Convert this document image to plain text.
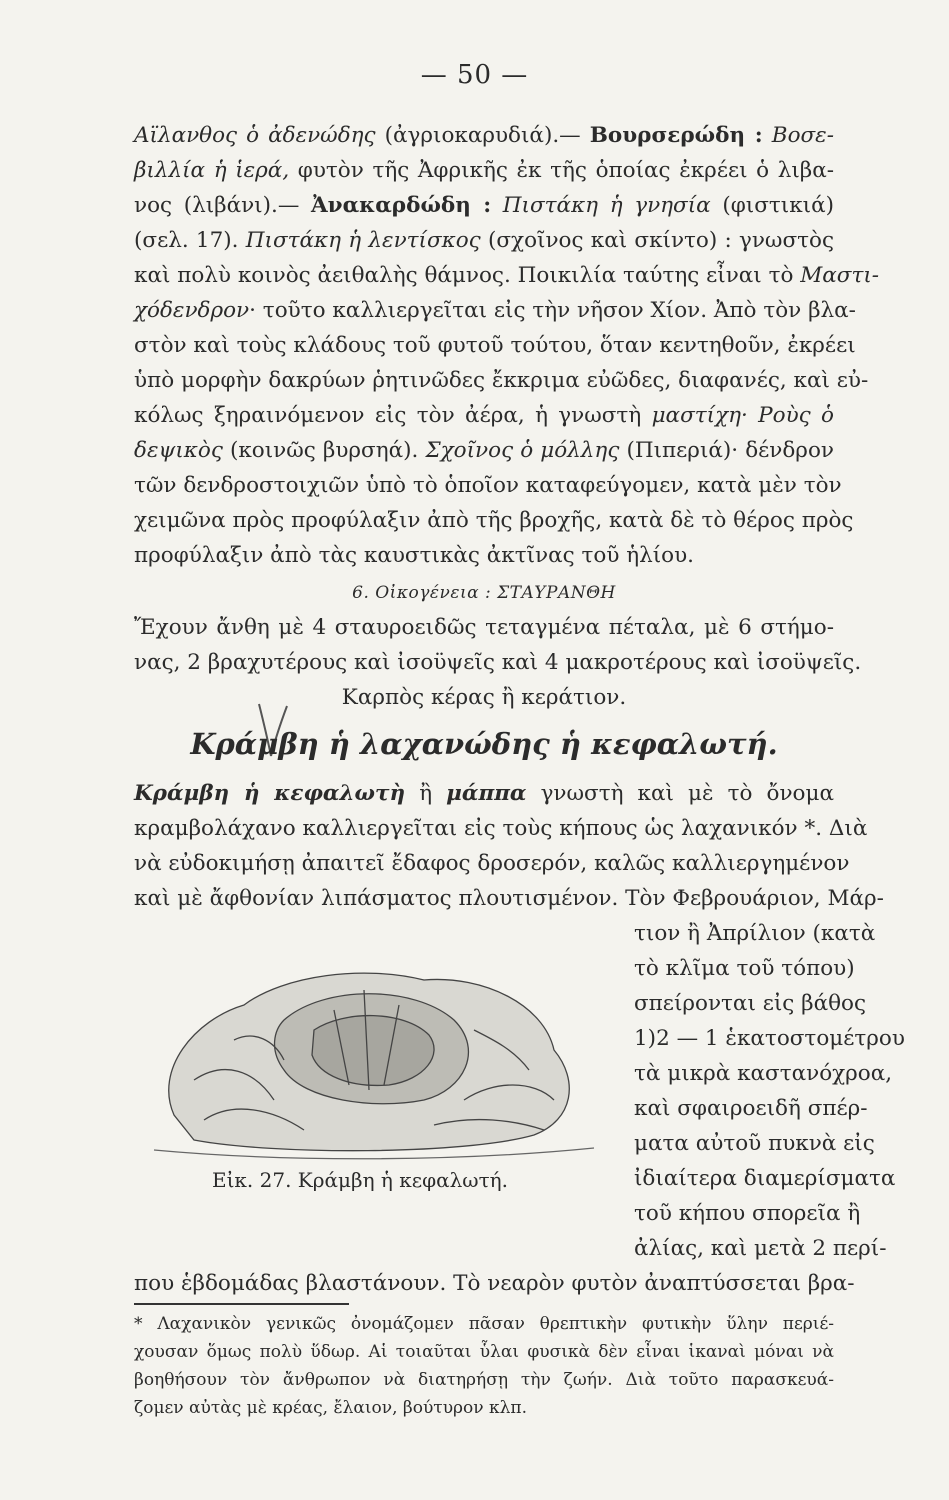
— 50 —
Αϊλανθος ὁ ἀδενώδης (ἀγριοκαρυδιά).— Βουρσερώδη : Βοσε-
βιλλία ἡ ἱερά, φυτὸν τῆς Ἀφρικῆς ἐκ τῆς ὁποίας ἐκρέει ὁ λιβα-
νος (λιβάνι).— Ἀνακαρδώδη : Πιστάκη ἡ γνησία (φιστικιά)
(σελ. 17). Πιστάκη ἡ λεντίσκος (σχοῖνος καὶ σκίντο) : γνωστὸς
καὶ πολὺ κοινὸς ἀειθαλὴς θάμνος. Ποικιλία ταύτης εἶναι τὸ Μαστι-
χόδενδρον· τοῦτο καλλιεργεῖται εἰς τὴν νῆσον Χίον. Ἀπὸ τὸν βλα-
στὸν καὶ τοὺς κλάδους τοῦ φυτοῦ τούτου, ὅταν κεντηθοῦν, ἐκρέει
ὑπὸ μορφὴν δακρύων ῥητινῶδες ἔκκριμα εὐῶδες, διαφανές, καὶ εὐ-
κόλως ξηραινόμενον εἰς τὸν ἀέρα, ἡ γνωστὴ μαστίχη· Ροὺς ὁ
δεψικὸς (κοινῶς βυρσηά). Σχοῖνος ὁ μόλλης (Πιπεριά)· δένδρον
τῶν δενδροστοιχιῶν ὑπὸ τὸ ὁποῖον καταφεύγομεν, κατὰ μὲν τὸν
χειμῶνα πρὸς προφύλαξιν ἀπὸ τῆς βροχῆς, κατὰ δὲ τὸ θέρος πρὸς
προφύλαξιν ἀπὸ τὰς καυστικὰς ἀκτῖνας τοῦ ἡλίου.
6. Οἰκογένεια : ΣΤΑΥΡΑΝΘΗ
Ἔχουν ἄνθη μὲ 4 σταυροειδῶς τεταγμένα πέταλα, μὲ 6 στήμο-
νας, 2 βραχυτέρους καὶ ἰσοϋψεῖς καὶ 4 μακροτέρους καὶ ἰσοϋψεῖς.
Καρπὸς κέρας ἢ κεράτιον.
Κράμβη ἡ λαχανώδης ἡ κεφαλωτή.
Κράμβη ἡ κεφαλωτὴ ἢ μάππα γνωστὴ καὶ μὲ τὸ ὄνομα
κραμβολάχανο καλλιεργεῖται εἰς τοὺς κήπους ὡς λαχανικόν *. Διὰ
νὰ εὐδοκιμήσῃ ἀπαιτεῖ ἔδαφος δροσερόν, καλῶς καλλιεργημένον
καὶ μὲ ἄφθονίαν λιπάσματος πλουτισμένον. Τὸν Φεβρουάριον, Μάρ-
Εἰκ. 27. Κράμβη ἡ κεφαλωτή.
τιον ἢ Ἀπρίλιον (κατὰ
τὸ κλῖμα τοῦ τόπου)
σπείρονται εἰς βάθος
1)2 — 1 ἑκατοστομέτρου
τὰ μικρὰ καστανόχροα,
καὶ σφαιροειδῆ σπέρ-
ματα αὐτοῦ πυκνὰ εἰς
ἰδιαίτερα διαμερίσματα
τοῦ κήπου σπορεῖα ἢ
ἀλίας, καὶ μετὰ 2 περί-
που ἑβδομάδας βλαστάνουν. Τὸ νεαρὸν φυτὸν ἀναπτύσσεται βρα-
* Λαχανικὸν γενικῶς ὀνομάζομεν πᾶσαν θρεπτικὴν φυτικὴν ὕλην περιέ-
χουσαν ὅμως πολὺ ὕδωρ. Αἱ τοιαῦται ὗλαι φυσικὰ δὲν εἶναι ἱκαναὶ μόναι νὰ
βοηθήσουν τὸν ἄνθρωπον νὰ διατηρήσῃ τὴν ζωήν. Διὰ τοῦτο παρασκευά-
ζομεν αὐτὰς μὲ κρέας, ἔλαιον, βούτυρον κλπ.
